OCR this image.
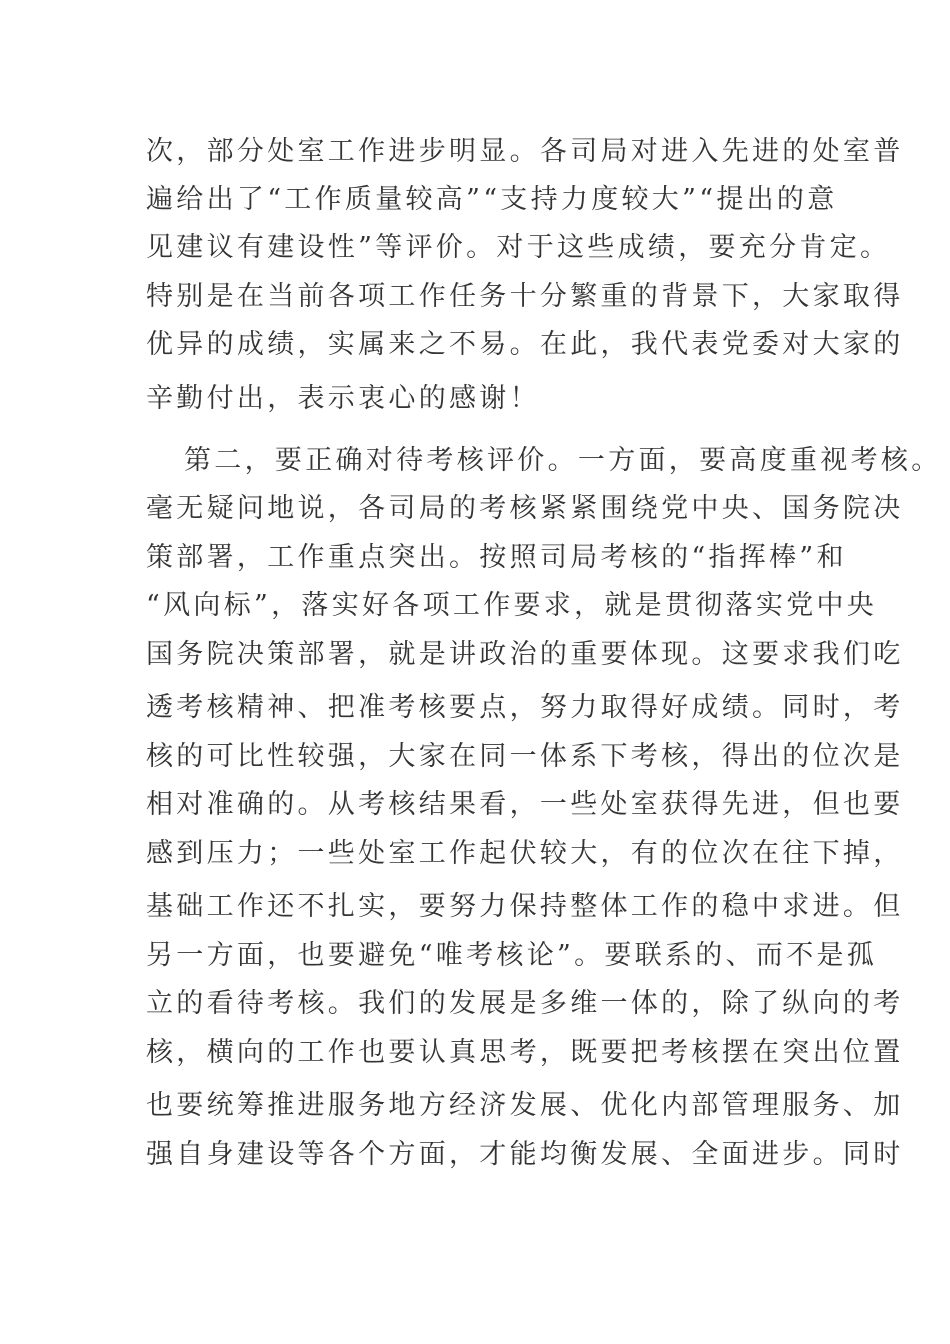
次，部分处室工作进步明显。各司局对进入先进的处室普
遍给出了“工作质量较高”“支持力度较大”“提出的意
见建议有建设性”等评价。对于这些成绩，要充分肯定。
特别是在当前各项工作任务十分繁重的背景下，大家取得
优异的成绩，实属来之不易。在此，我代表党委对大家的
辛勤付出，表示衷心的感谢！
第二，要正确对待考核评价。一方面，要高度重视考核。
毫无疑问地说，各司局的考核紧紧围绕党中央、国务院决
策部署，工作重点突出。按照司局考核的“指挥棒”和
“风向标”，落实好各项工作要求，就是贯彻落实党中央
国务院决策部署，就是讲政治的重要体现。这要求我们吃
透考核精神、把准考核要点，努力取得好成绩。同时，考
核的可比性较强，大家在同一体系下考核，得出的位次是
相对准确的。从考核结果看，一些处室获得先进，但也要
感到压力；一些处室工作起伏较大，有的位次在往下掉，
基础工作还不扎实，要努力保持整体工作的稳中求进。但
另一方面，也要避免“唯考核论”。要联系的、而不是孤
立的看待考核。我们的发展是多维一体的，除了纵向的考
核，横向的工作也要认真思考，既要把考核摆在突出位置
也要统筹推进服务地方经济发展、优化内部管理服务、加
强自身建设等各个方面，才能均衡发展、全面进步。同时
